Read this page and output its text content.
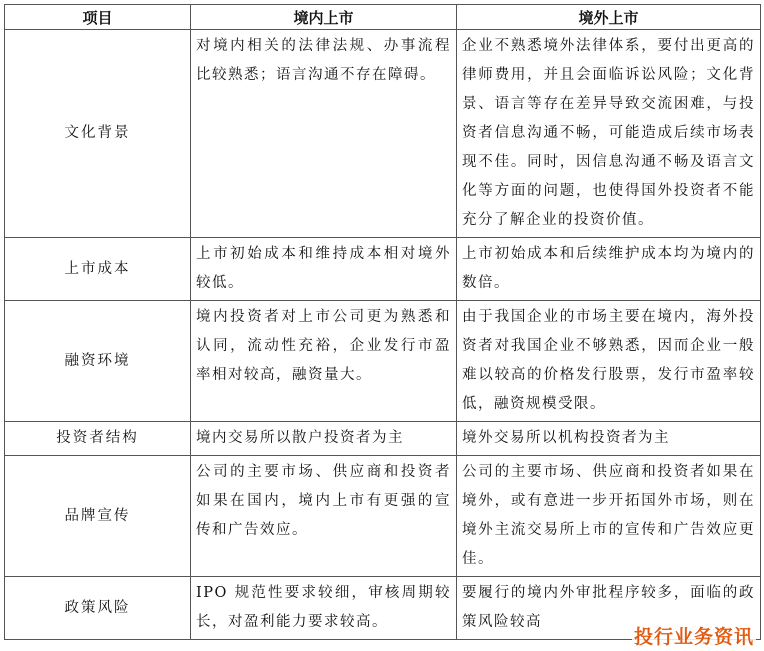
项目	境内上市	境外上市
文化背景	对境内相关的法律法规、办事流程比较熟悉；语言沟通不存在障碍。	企业不熟悉境外法律体系，要付出更高的律师费用，并且会面临诉讼风险；文化背景、语言等存在差异导致交流困难，与投资者信息沟通不畅，可能造成后续市场表现不佳。同时，因信息沟通不畅及语言文化等方面的问题，也使得国外投资者不能充分了解企业的投资价值。
上市成本	上市初始成本和维持成本相对境外较低。	上市初始成本和后续维护成本均为境内的数倍。
融资环境	境内投资者对上市公司更为熟悉和认同，流动性充裕，企业发行市盈率相对较高，融资量大。	由于我国企业的市场主要在境内，海外投资者对我国企业不够熟悉，因而企业一般难以较高的价格发行股票，发行市盈率较低，融资规模受限。
投资者结构	境内交易所以散户投资者为主	境外交易所以机构投资者为主
品牌宣传	公司的主要市场、供应商和投资者如果在国内，境内上市有更强的宣传和广告效应。	公司的主要市场、供应商和投资者如果在境外，或有意进一步开拓国外市场，则在境外主流交易所上市的宣传和广告效应更佳。
政策风险	IPO 规范性要求较细，审核周期较长，对盈利能力要求较高。	要履行的境内外审批程序较多，面临的政策风险较高
投行业务资讯
